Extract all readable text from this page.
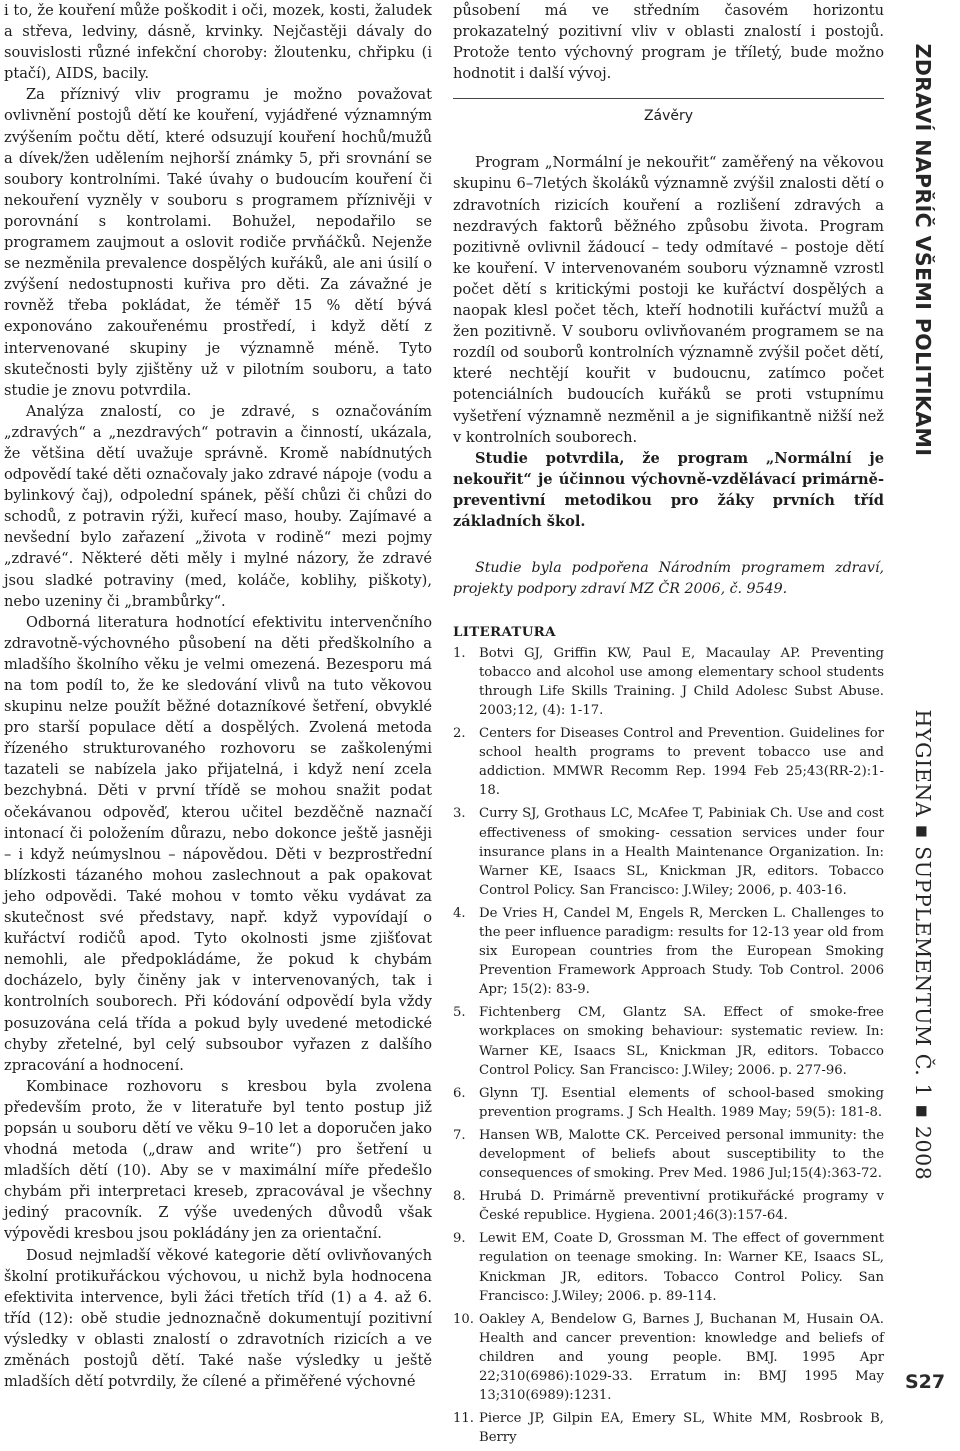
i to, že kouření může poškodit i oči, mozek, kosti, žaludek a střeva, ledviny, dásně, krvinky. Nejčastěji dávaly do souvislosti různé infekční choroby: žloutenku, chřipku (i ptačí), AIDS, bacily.

Za příznivý vliv programu je možno považovat ovlivnění postojů dětí ke kouření, vyjádřené významným zvýšením počtu dětí, které odsuzují kouření hochů/mužů a dívek/žen udělením nejhorší známky 5, při srovnání se soubory kontrolními. Také úvahy o budoucím kouření či nekouření vyzněly v souboru s programem příznivěji v porovnání s kontrolami. Bohužel, nepodařilo se programem zaujmout a oslovit rodiče prvňáčků. Nejenže se nezměnila prevalence dospělých kuřáků, ale ani úsilí o zvýšení nedostupnosti kuřiva pro děti. Za závažné je rovněž třeba pokládat, že téměř 15 % dětí bývá exponováno zakouřenému prostředí, i když dětí z intervenované skupiny je významně méně. Tyto skutečnosti byly zjištěny už v pilotním souboru, a tato studie je znovu potvrdila.

Analýza znalostí, co je zdravé, s označováním „zdravých“ a „nezdravých“ potravin a činností, ukázala, že většina dětí uvažuje správně. Kromě nabídnutých odpovědí také děti označovaly jako zdravé nápoje (vodu a bylinkový čaj), odpolední spánek, pěší chůzi či chůzi do schodů, z potravin rýži, kuřecí maso, houby. Zajímavé a nevšední bylo zařazení „života v rodině“ mezi pojmy „zdravé“. Některé děti měly i mylné názory, že zdravé jsou sladké potraviny (med, koláče, koblihy, piškoty), nebo uzeniny či „brambůrky“.

Odborná literatura hodnotící efektivitu intervenčního zdravotně-výchovného působení na děti předškolního a mladšího školního věku je velmi omezená. Bezesporu má na tom podíl to, že ke sledování vlivů na tuto věkovou skupinu nelze použít běžné dotazníkové šetření, obvyklé pro starší populace dětí a dospělých. Zvolená metoda řízeného strukturovaného rozhovoru se zaškolenými tazateli se nabízela jako přijatelná, i když není zcela bezchybná. Děti v první třídě se mohou snažit podat očekávanou odpověď, kterou učitel bezděčně naznačí intonací či položením důrazu, nebo dokonce ještě jasněji – i když neúmyslnou – nápovědou. Děti v bezprostřední blízkosti tázaného mohou zaslechnout a pak opakovat jeho odpovědi. Také mohou v tomto věku vydávat za skutečnost své představy, např. když vypovídají o kuřáctví rodičů apod. Tyto okolnosti jsme zjišťovat nemohli, ale předpokládáme, že pokud k chybám docházelo, byly činěny jak v intervenovaných, tak i kontrolních souborech. Při kódování odpovědí byla vždy posuzována celá třída a pokud byly uvedené metodické chyby zřetelné, byl celý subsoubor vyřazen z dalšího zpracování a hodnocení.

Kombinace rozhovoru s kresbou byla zvolena především proto, že v literatuře byl tento postup již popsán u souboru dětí ve věku 9–10 let a doporučen jako vhodná metoda („draw and write“) pro šetření u mladších dětí (10). Aby se v maximální míře předešlo chybám při interpretaci kreseb, zpracovával je všechny jediný pracovník. Z výše uvedených důvodů však výpovědi kresbou jsou pokládány jen za orientační.

Dosud nejmladší věkové kategorie dětí ovlivňovaných školní protikuřáckou výchovou, u nichž byla hodnocena efektivita intervence, byli žáci třetích tříd (1) a 4. až 6. tříd (12): obě studie jednoznačně dokumentují pozitivní výsledky v oblasti znalostí o zdravotních rizicích a ve změnách postojů dětí. Také naše výsledky u ještě mladších dětí potvrdily, že cílené a přiměřené výchovné

působení má ve středním časovém horizontu prokazatelný pozitivní vliv v oblasti znalostí i postojů. Protože tento výchovný program je tříletý, bude možno hodnotit i další vývoj.

Závěry

Program „Normální je nekouřit“ zaměřený na věkovou skupinu 6–7letých školáků významně zvýšil znalosti dětí o zdravotních rizicích kouření a rozlišení zdravých a nezdravých faktorů běžného způsobu života. Program pozitivně ovlivnil žádoucí – tedy odmítavé – postoje dětí ke kouření. V intervenovaném souboru významně vzrostl počet dětí s kritickými postoji ke kuřáctví dospělých a naopak klesl počet těch, kteří hodnotili kuřáctví mužů a žen pozitivně. V souboru ovlivňovaném programem se na rozdíl od souborů kontrolních významně zvýšil počet dětí, které nechtějí kouřit v budoucnu, zatímco počet potenciálních budoucích kuřáků se proti vstupnímu vyšetření významně nezměnil a je signifikantně nižší než v kontrolních souborech.

Studie potvrdila, že program „Normální je nekouřit“ je účinnou výchovně-vzdělávací primárně-preventivní metodikou pro žáky prvních tříd základních škol.

Studie byla podpořena Národním programem zdraví, projekty podpory zdraví MZ ČR 2006, č. 9549.

LITERATURA
1. Botvi GJ, Griffin KW, Paul E, Macaulay AP. Preventing tobacco and alcohol use among elementary school students through Life Skills Training. J Child Adolesc Subst Abuse. 2003;12, (4): 1-17.
2. Centers for Diseases Control and Prevention. Guidelines for school health programs to prevent tobacco use and addiction. MMWR Recomm Rep. 1994 Feb 25;43(RR-2):1-18.
3. Curry SJ, Grothaus LC, McAfee T, Pabiniak Ch. Use and cost effectiveness of smoking- cessation services under four insurance plans in a Health Maintenance Organization. In: Warner KE, Isaacs SL, Knickman JR, editors. Tobacco Control Policy. San Francisco: J.Wiley; 2006, p. 403-16.
4. De Vries H, Candel M, Engels R, Mercken L. Challenges to the peer influence paradigm: results for 12-13 year old from six European countries from the European Smoking Prevention Framework Approach Study. Tob Control. 2006 Apr; 15(2): 83-9.
5. Fichtenberg CM, Glantz SA. Effect of smoke-free workplaces on smoking behaviour: systematic review. In: Warner KE, Isaacs SL, Knickman JR, editors. Tobacco Control Policy. San Francisco: J.Wiley; 2006. p. 277-96.
6. Glynn TJ. Esential elements of school-based smoking prevention programs. J Sch Health. 1989 May; 59(5): 181-8.
7. Hansen WB, Malotte CK. Perceived personal immunity: the development of beliefs about susceptibility to the consequences of smoking. Prev Med. 1986 Jul;15(4):363-72.
8. Hrubá D. Primárně preventivní protikuřácké programy v České republice. Hygiena. 2001;46(3):157-64.
9. Lewit EM, Coate D, Grossman M. The effect of government regulation on teenage smoking. In: Warner KE, Isaacs SL, Knickman JR, editors. Tobacco Control Policy. San Francisco: J.Wiley; 2006. p. 89-114.
10. Oakley A, Bendelow G, Barnes J, Buchanan M, Husain OA. Health and cancer prevention: knowledge and beliefs of children and young people. BMJ. 1995 Apr 22;310(6986):1029-33. Erratum in: BMJ 1995 May 13;310(6989):1231.
11. Pierce JP, Gilpin EA, Emery SL, White MM, Rosbrook B, Berry
ZDRAVÍ NAPŘÍČ VŠEMI POLITIKAMI
HYGIENA ▪ SUPPLEMENTUM Č. 1 ▪ 2008
S27
